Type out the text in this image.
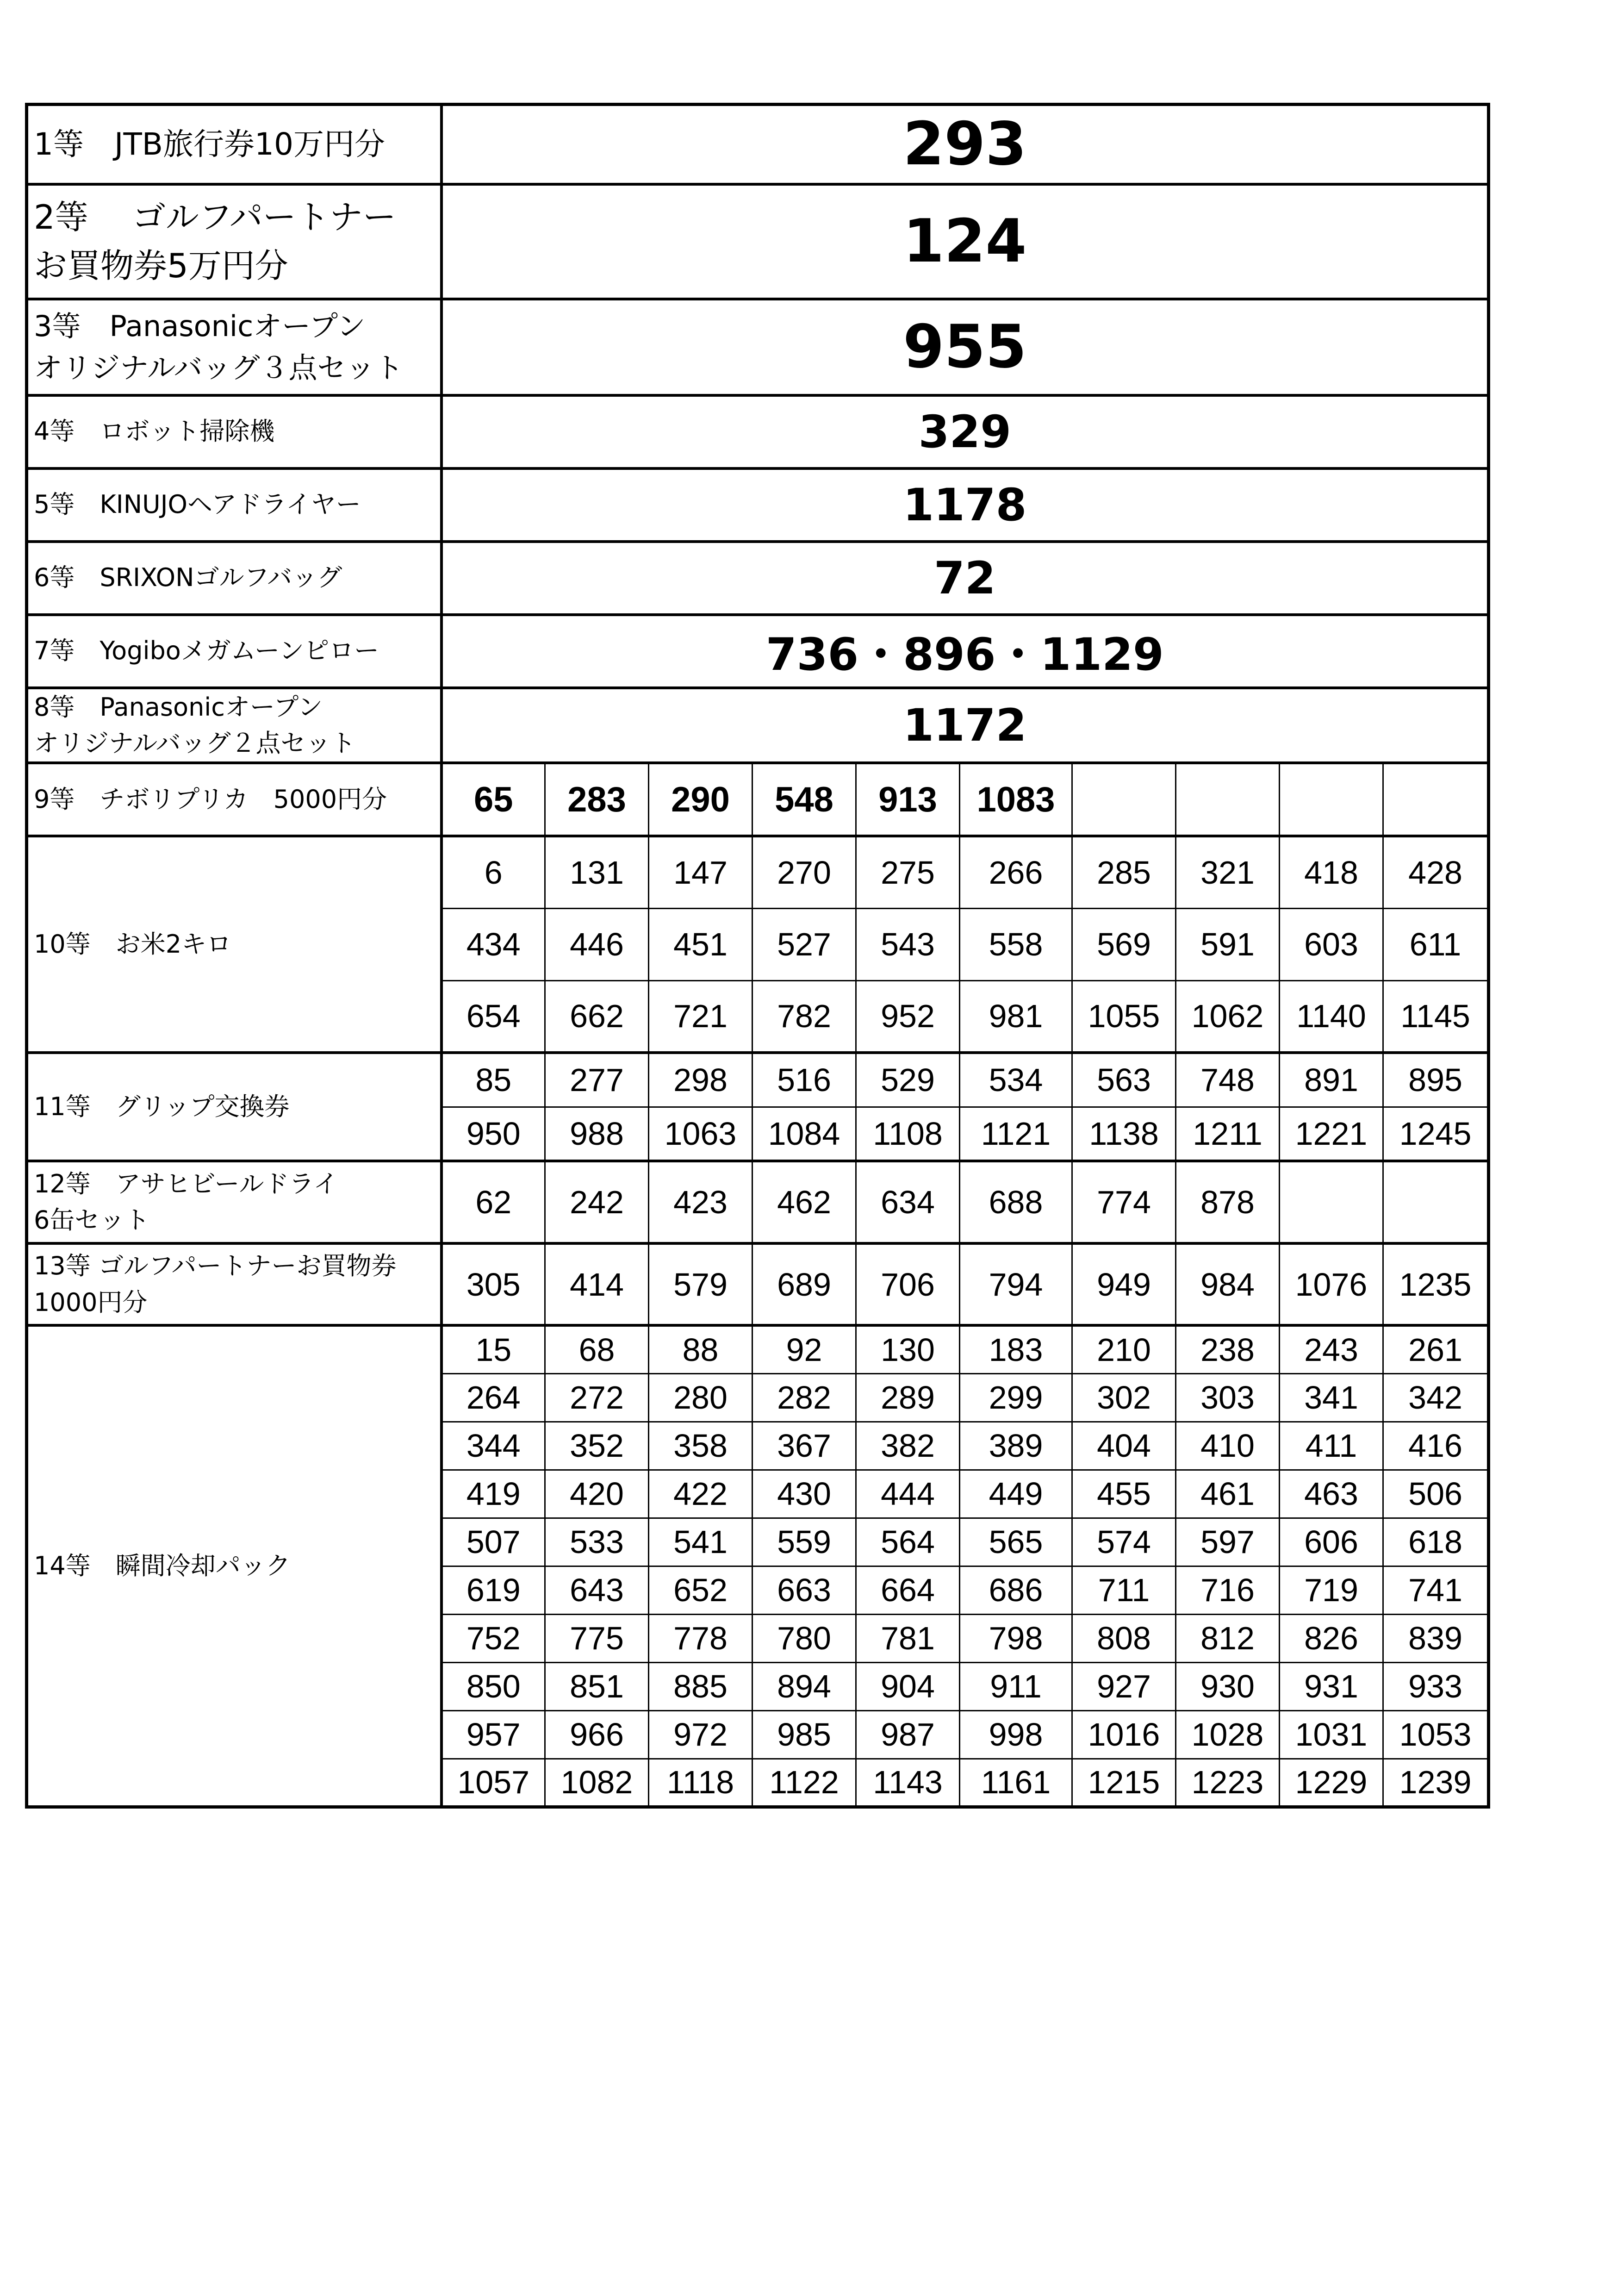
1等　JTB旅行券10万円分	293									

2等　 ゴルフパートナー
お買物券5万円分	124									

3等　Panasonicオープン
オリジナルバッグ３点セット	955									

4等　ロボット掃除機	329									

5等　KINUJOヘアドライヤー	1178									

6等　SRIXONゴルフバッグ	72									

7等　Yogiboメガムーンピロー	736・896・1129									

8等　Panasonicオープン
オリジナルバッグ２点セット	1172									

9等　チボリプリカ　5000円分	65	283	290	548	913	1083				

10等　お米2キロ	6	131	147	270	275	266	285	321	418	428
	434	446	451	527	543	558	569	591	603	611
	654	662	721	782	952	981	1055	1062	1140	1145

11等　グリップ交換券	85	277	298	516	529	534	563	748	891	895
	950	988	1063	1084	1108	1121	1138	1211	1221	1245

12等　アサヒビールドライ
6缶セット	62	242	423	462	634	688	774	878		

13等 ゴルフパートナーお買物券
1000円分	305	414	579	689	706	794	949	984	1076	1235

14等　瞬間冷却パック	15	68	88	92	130	183	210	238	243	261
	264	272	280	282	289	299	302	303	341	342
	344	352	358	367	382	389	404	410	411	416
	419	420	422	430	444	449	455	461	463	506
	507	533	541	559	564	565	574	597	606	618
	619	643	652	663	664	686	711	716	719	741
	752	775	778	780	781	798	808	812	826	839
	850	851	885	894	904	911	927	930	931	933
	957	966	972	985	987	998	1016	1028	1031	1053
	1057	1082	1118	1122	1143	1161	1215	1223	1229	1239
